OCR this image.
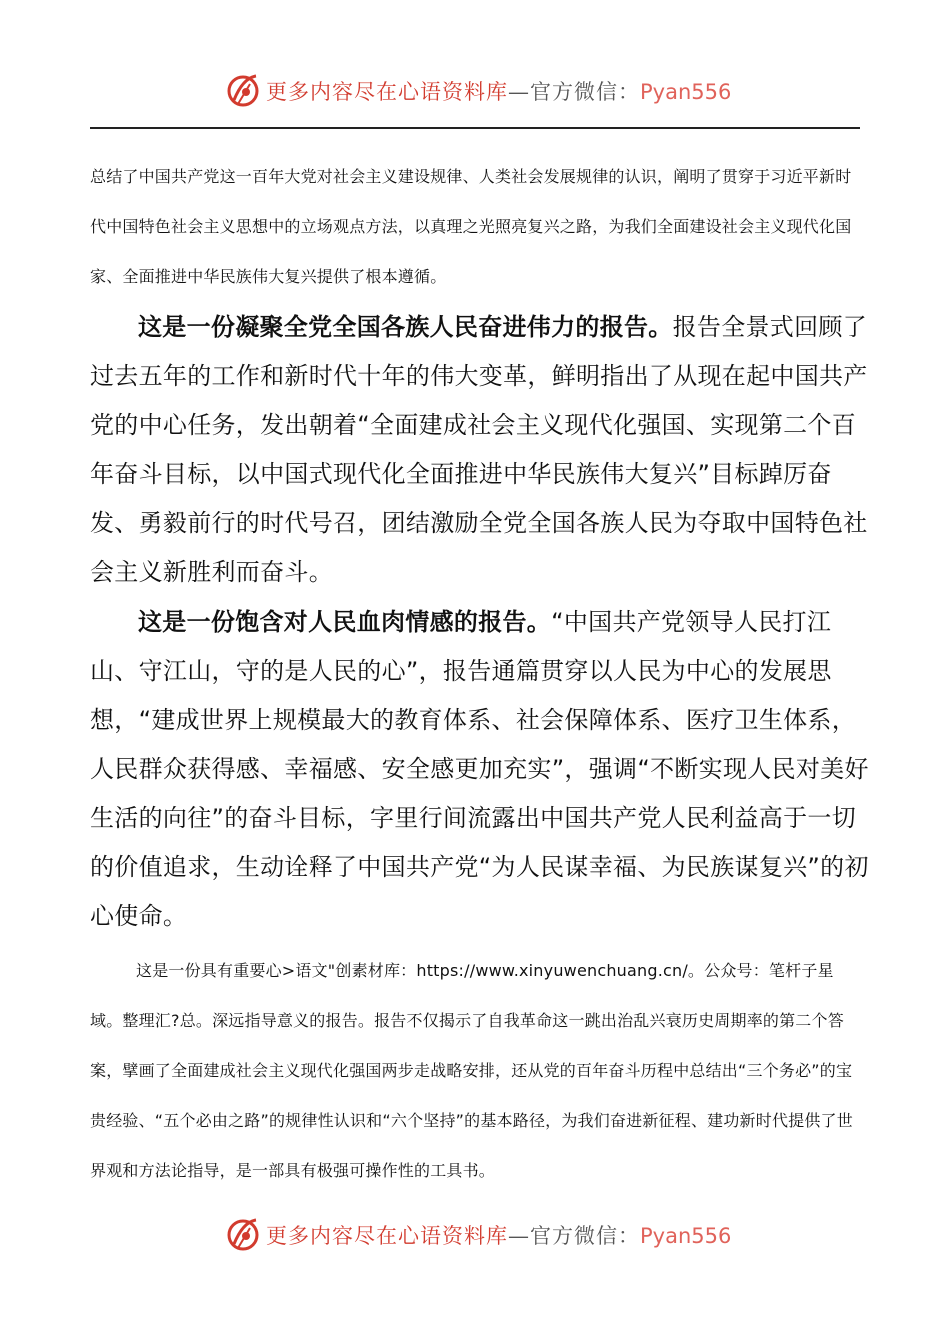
更多内容尽在心语资料库—官方微信：Pyan556
总结了中国共产党这一百年大党对社会主义建设规律、人类社会发展规律的认识，阐明了贯穿于习近平新时代中国特色社会主义思想中的立场观点方法，以真理之光照亮复兴之路，为我们全面建设社会主义现代化国家、全面推进中华民族伟大复兴提供了根本遵循。
这是一份凝聚全党全国各族人民奋进伟力的报告。报告全景式回顾了过去五年的工作和新时代十年的伟大变革，鲜明指出了从现在起中国共产党的中心任务，发出朝着“全面建成社会主义现代化强国、实现第二个百年奋斗目标，以中国式现代化全面推进中华民族伟大复兴”目标踔厉奋发、勇毅前行的时代号召，团结激励全党全国各族人民为夺取中国特色社会主义新胜利而奋斗。
这是一份饱含对人民血肉情感的报告。“中国共产党领导人民打江山、守江山，守的是人民的心”，报告通篇贯穿以人民为中心的发展思想，“建成世界上规模最大的教育体系、社会保障体系、医疗卫生体系，人民群众获得感、幸福感、安全感更加充实”，强调“不断实现人民对美好生活的向往”的奋斗目标，字里行间流露出中国共产党人民利益高于一切的价值追求，生动诠释了中国共产党“为人民谋幸福、为民族谋复兴”的初心使命。
这是一份具有重要心>语文"创素材库：https://www.xinyuwenchuang.cn/。公众号：笔杆子星域。整理汇?总。深远指导意义的报告。报告不仅揭示了自我革命这一跳出治乱兴衰历史周期率的第二个答案，擘画了全面建成社会主义现代化强国两步走战略安排，还从党的百年奋斗历程中总结出“三个务必”的宝贵经验、“五个必由之路”的规律性认识和“六个坚持”的基本路径，为我们奋进新征程、建功新时代提供了世界观和方法论指导，是一部具有极强可操作性的工具书。
更多内容尽在心语资料库—官方微信：Pyan556
